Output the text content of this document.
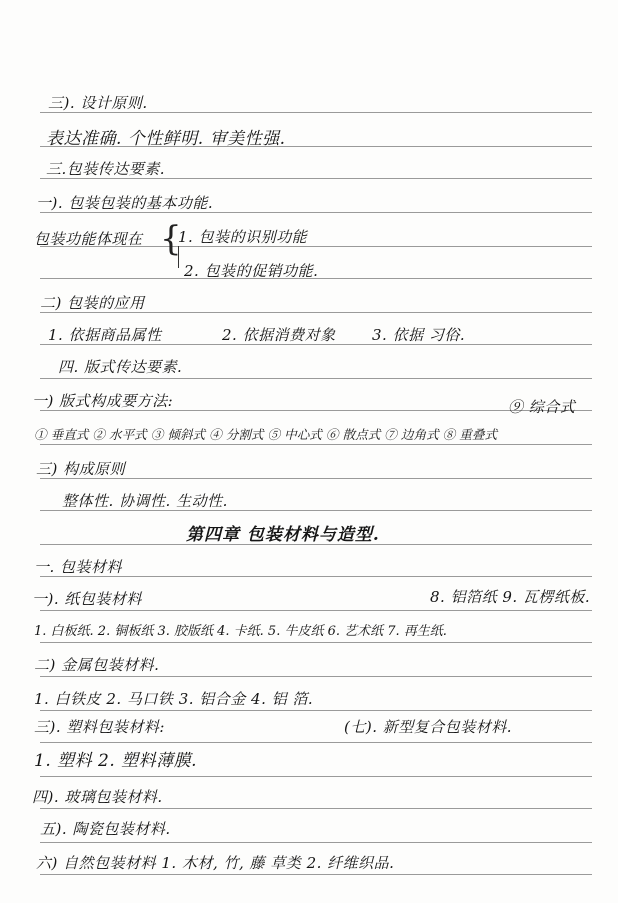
三). 设计原则.
表达准确. 个性鲜明. 审美性强.
三.包装传达要素.
一). 包装包装的基本功能.
包装功能体现在 {
1. 包装的识别功能
2. 包装的促销功能.
二) 包装的应用
1. 依据商品属性	2. 依据消费对象 3. 依据 习俗.
四. 版式传达要素.
一) 版式构成要方法:	⑨ 综合式
① 垂直式 ② 水平式 ③ 倾斜式 ④ 分割式 ⑤ 中心式 ⑥ 散点式 ⑦ 边角式 ⑧ 重叠式
三) 构成原则
整体性. 协调性. 生动性.
第四章 包装材料与造型.
一. 包装材料
一). 纸包装材料	8. 铝箔纸 9. 瓦楞纸板.
1. 白板纸. 2. 铜板纸 3. 胶版纸 4. 卡纸. 5. 牛皮纸 6. 艺术纸 7. 再生纸.
二) 金属包装材料.
1. 白铁皮 2. 马口铁 3. 铝合金 4. 铝 箔.
三). 塑料包装材料:	(七). 新型复合包装材料.
1. 塑料 2. 塑料薄膜.
四). 玻璃包装材料.
五). 陶瓷包装材料.
六) 自然包装材料 1. 木材, 竹, 藤 草类 2. 纤维织品.
